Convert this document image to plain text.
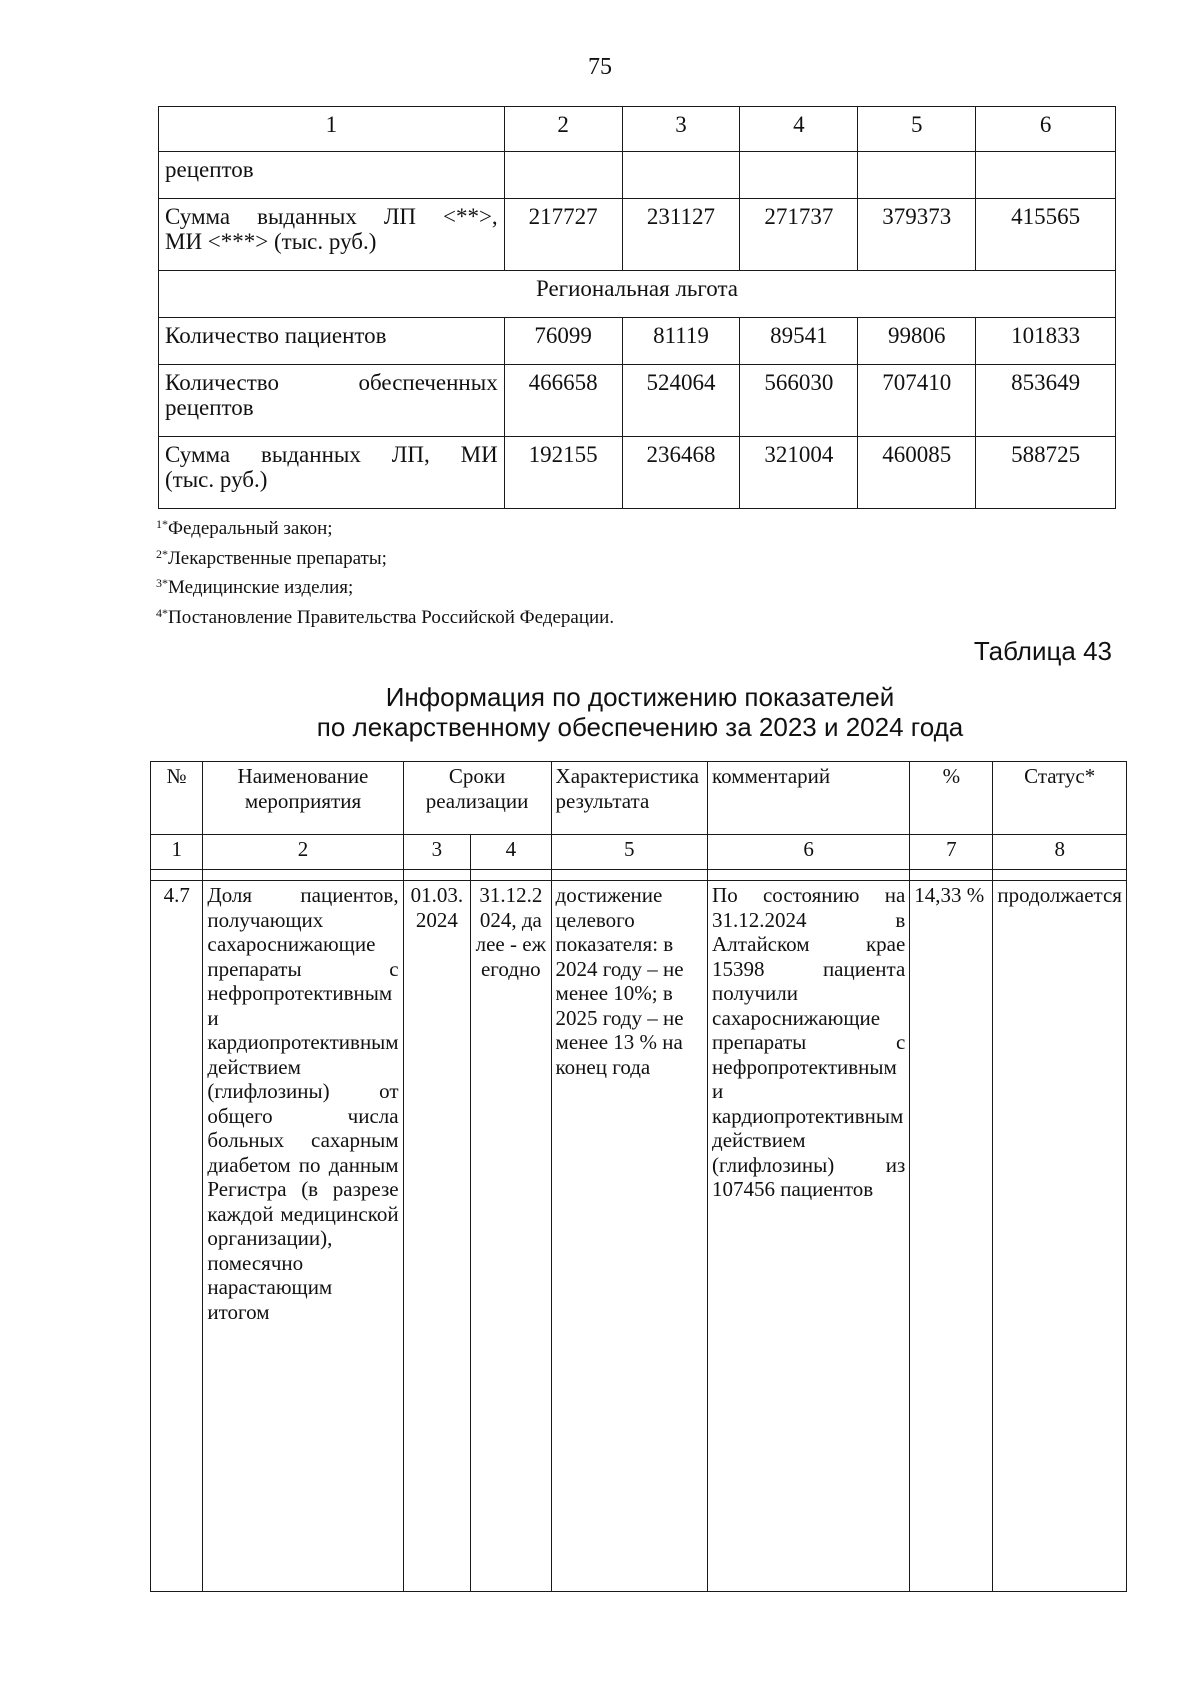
75
1	2	3	4	5	6
рецептов					

Сумма выданных ЛП <**>,
МИ <***> (тыс. руб.)	217727	231127	271737	379373	415565
Региональная льгота					
Количество пациентов	76099	81119	89541	99806	101833

Количество обеспеченных
рецептов	466658	524064	566030	707410	853649

Сумма выданных ЛП, МИ
(тыс. руб.)	192155	236468	321004	460085	588725
$^{1*}$Федеральный закон;
$^{2*}$Лекарственные препараты;
$^{3*}$Медицинские изделия;
$^{4*}$Постановление Правительства Российской Федерации.
Таблица 43
Информация по достижению показателей
по лекарственному обеспечению за 2023 и 2024 года
№	Наименование мероприятия	Сроки реализации		Характеристика результата	комментарий	%	Статус*
1	2	3	4	5	6	7	8

4.7	Доля пациентов, получающих сахароснижающие препараты с нефропротективным и кардиопротективным действием (глифлозины) от общего числа больных сахарным диабетом по данным Регистра (в разрезе каждой медицинской организации), помесячно нарастающим итогом	01.03.2024	31.12.2024, далее - ежегодно	достижение целевого показателя: в 2024 году – не менее 10%; в 2025 году – не менее 13 % на конец года	По состоянию на 31.12.2024 в Алтайском крае 15398 пациента получили сахароснижающие препараты с нефропротективным и кардиопротективным действием (глифлозины) из 107456 пациентов	14,33 %	продолжается
